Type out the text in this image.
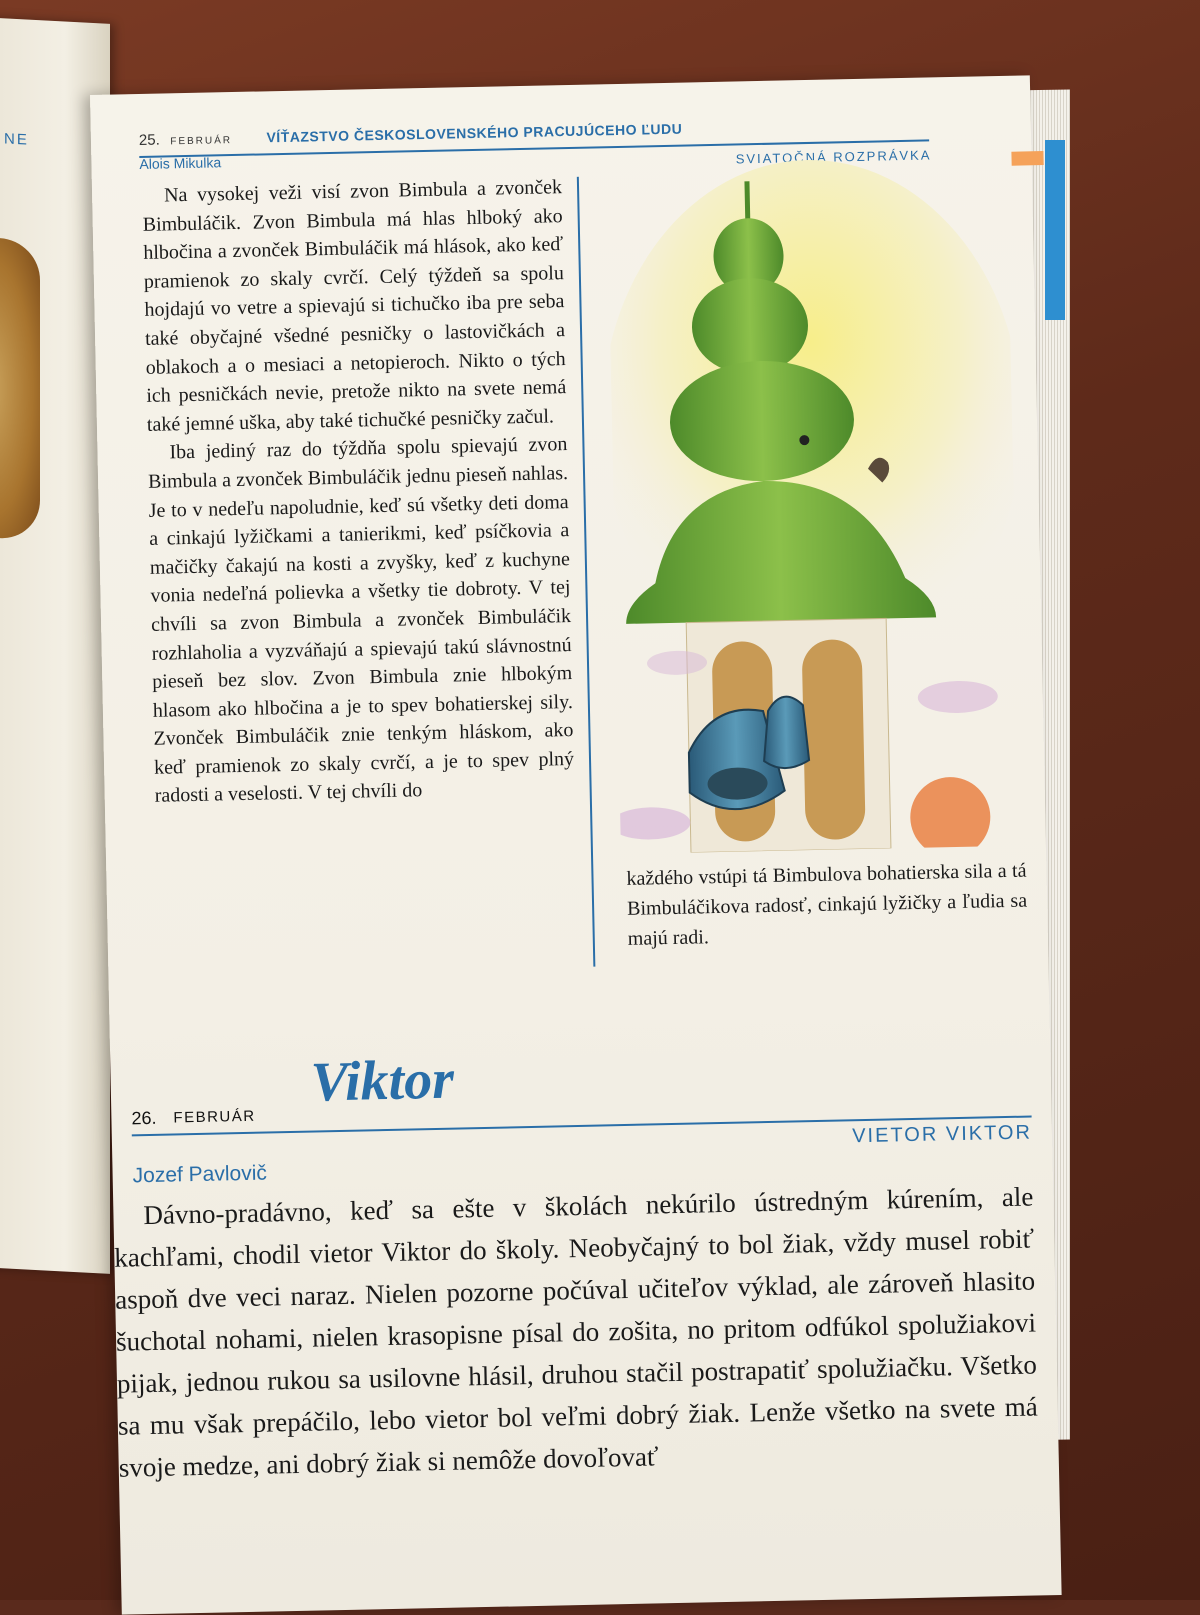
NE	25. FEBRUÁR VÍŤAZSTVO ČESKOSLOVENSKÉHO PRACUJÚCEHO ĽUDU
Alois Mikulka	SVIATOČNÁ ROZPRÁVKA

Na vysokej veži visí zvon Bimbula a zvonček Bimbuláčik. Zvon Bimbula má hlas hlboký ako hlbočina a zvonček Bimbuláčik má hlások, ako keď pramienok zo skaly cvrčí. Celý týždeň sa spolu hojdajú vo vetre a spievajú si tichučko iba pre seba také obyčajné všedné pesničky o lastovičkách a oblakoch a o mesiaci a netopieroch. Nikto o tých ich pesničkách nevie, pretože nikto na svete nemá také jemné uška, aby také tichučké pesničky začul.

Iba jediný raz do týždňa spolu spievajú zvon Bimbula a zvonček Bimbuláčik jednu pieseň nahlas. Je to v nedeľu napoludnie, keď sú všetky deti doma a cinkajú lyžičkami a tanierikmi, keď psíčkovia a mačičky čakajú na kosti a zvyšky, keď z kuchyne vonia nedeľná polievka a všetky tie dobroty. V tej chvíli sa zvon Bimbula a zvonček Bimbuláčik rozhlaholia a vyzváňajú a spievajú takú slávnostnú pieseň bez slov. Zvon Bimbula znie hlbokým hlasom ako hlbočina a je to spev bohatierskej sily. Zvonček Bimbuláčik znie tenkým hláskom, ako keď pramienok zo skaly cvrčí, a je to spev plný radosti a veselosti. V tej chvíli do

každého vstúpi tá Bimbulova bohatierska sila a tá Bimbuláčikova radosť, cinkajú lyžičky a ľudia sa majú radi.
26. FEBRUÁR
Viktor
VIETOR VIKTOR
Jozef Pavlovič

Dávno-pradávno, keď sa ešte v školách nekúrilo ústredným kúrením, ale kachľami, chodil vietor Viktor do školy. Neobyčajný to bol žiak, vždy musel robiť aspoň dve veci naraz. Nielen pozorne počúval učiteľov výklad, ale zároveň hlasito šuchotal nohami, nielen krasopisne písal do zošita, no pritom odfúkol spolužiakovi pijak, jednou rukou sa usilovne hlásil, druhou stačil postrapatiť spolužiačku. Všetko sa mu však prepáčilo, lebo vietor bol veľmi dobrý žiak. Lenže všetko na svete má svoje medze, ani dobrý žiak si nemôže dovoľovať
